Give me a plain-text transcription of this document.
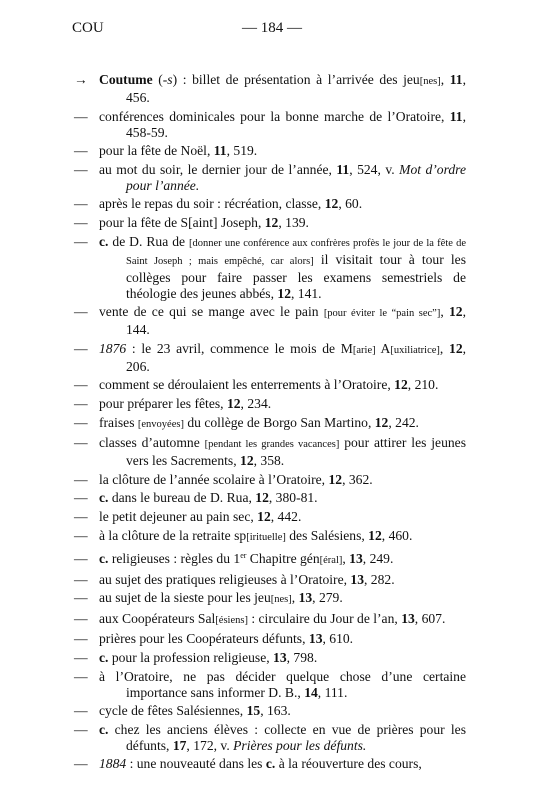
COU	— 184 —
→ Coutume (-s) : billet de présentation à l’arrivée des jeu[nes], 11, 456.
— conférences dominicales pour la bonne marche de l’Oratoire, 11, 458-59.
— pour la fête de Noël, 11, 519.
— au mot du soir, le dernier jour de l’année, 11, 524, v. Mot d’ordre pour l’année.
— après le repas du soir : récréation, classe, 12, 60.
— pour la fête de S[aint] Joseph, 12, 139.
— c. de D. Rua de [donner une conférence aux confrères profès le jour de la fête de Saint Joseph ; mais empêché, car alors] il visitait tour à tour les collèges pour faire passer les examens semestriels de théologie des jeunes abbés, 12, 141.
— vente de ce qui se mange avec le pain [pour éviter le “pain sec”], 12, 144.
— 1876 : le 23 avril, commence le mois de M[arie] A[uxiliatrice], 12, 206.
— comment se déroulaient les enterrements à l’Oratoire, 12, 210.
— pour préparer les fêtes, 12, 234.
— fraises [envoyées] du collège de Borgo San Martino, 12, 242.
— classes d’automne [pendant les grandes vacances] pour attirer les jeunes vers les Sacrements, 12, 358.
— la clôture de l’année scolaire à l’Oratoire, 12, 362.
— c. dans le bureau de D. Rua, 12, 380-81.
— le petit dejeuner au pain sec, 12, 442.
— à la clôture de la retraite sp[irituelle] des Salésiens, 12, 460.
— c. religieuses : règles du 1er Chapitre gén[éral], 13, 249.
— au sujet des pratiques religieuses à l’Oratoire, 13, 282.
— au sujet de la sieste pour les jeu[nes], 13, 279.
— aux Coopérateurs Sal[ésiens] : circulaire du Jour de l’an, 13, 607.
— prières pour les Coopérateurs défunts, 13, 610.
— c. pour la profession religieuse, 13, 798.
— à l’Oratoire, ne pas décider quelque chose d’une certaine importance sans informer D. B., 14, 111.
— cycle de fêtes Salésiennes, 15, 163.
— c. chez les anciens élèves : collecte en vue de prières pour les défunts, 17, 172, v. Prières pour les défunts.
— 1884 : une nouveauté dans les c. à la réouverture des cours,
